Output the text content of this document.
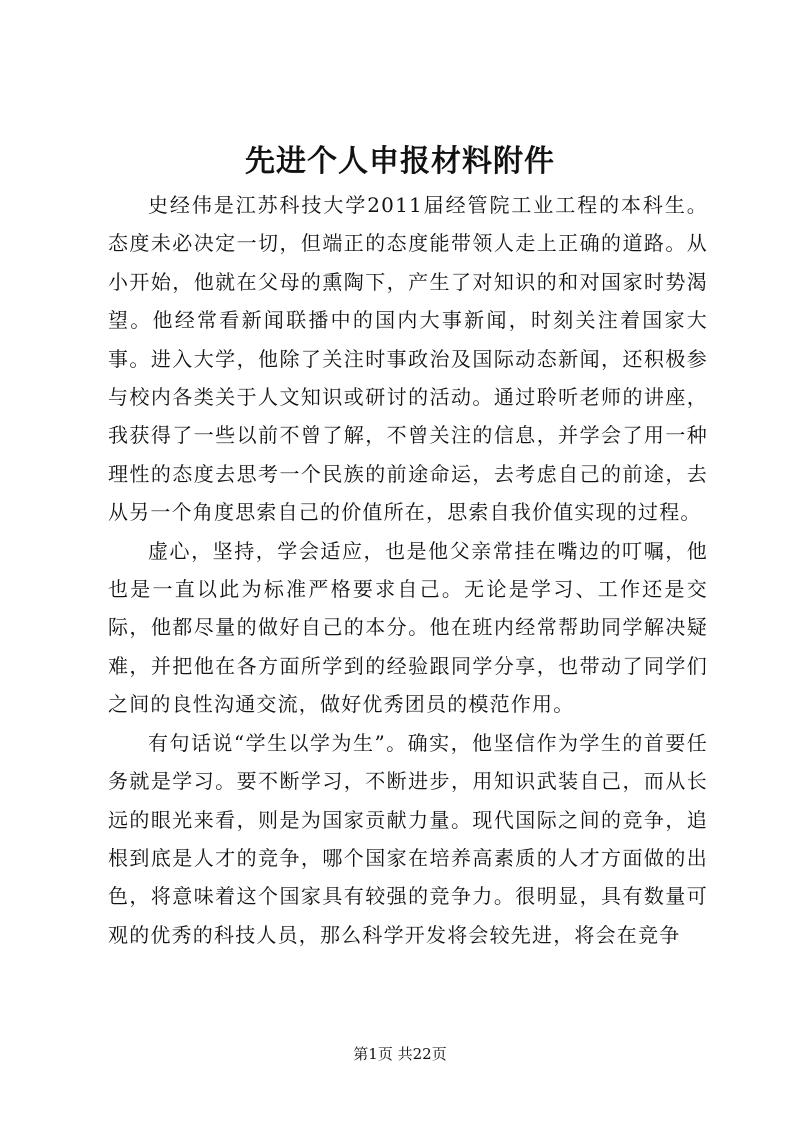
先进个人申报材料附件

史经伟是江苏科技大学2011届经管院工业工程的本科生。态度未必决定一切，但端正的态度能带领人走上正确的道路。从小开始，他就在父母的熏陶下，产生了对知识的和对国家时势渴望。他经常看新闻联播中的国内大事新闻，时刻关注着国家大事。进入大学，他除了关注时事政治及国际动态新闻，还积极参与校内各类关于人文知识或研讨的活动。通过聆听老师的讲座，我获得了一些以前不曾了解，不曾关注的信息，并学会了用一种理性的态度去思考一个民族的前途命运，去考虑自己的前途，去从另一个角度思索自己的价值所在，思索自我价值实现的过程。

虚心，坚持，学会适应，也是他父亲常挂在嘴边的叮嘱，他也是一直以此为标准严格要求自己。无论是学习、工作还是交际，他都尽量的做好自己的本分。他在班内经常帮助同学解决疑难，并把他在各方面所学到的经验跟同学分享，也带动了同学们之间的良性沟通交流，做好优秀团员的模范作用。

有句话说“学生以学为生”。确实，他坚信作为学生的首要任务就是学习。要不断学习，不断进步，用知识武装自己，而从长远的眼光来看，则是为国家贡献力量。现代国际之间的竞争，追根到底是人才的竞争，哪个国家在培养高素质的人才方面做的出色，将意味着这个国家具有较强的竞争力。很明显，具有数量可观的优秀的科技人员，那么科学开发将会较先进，将会在竞争

第1页 共22页
